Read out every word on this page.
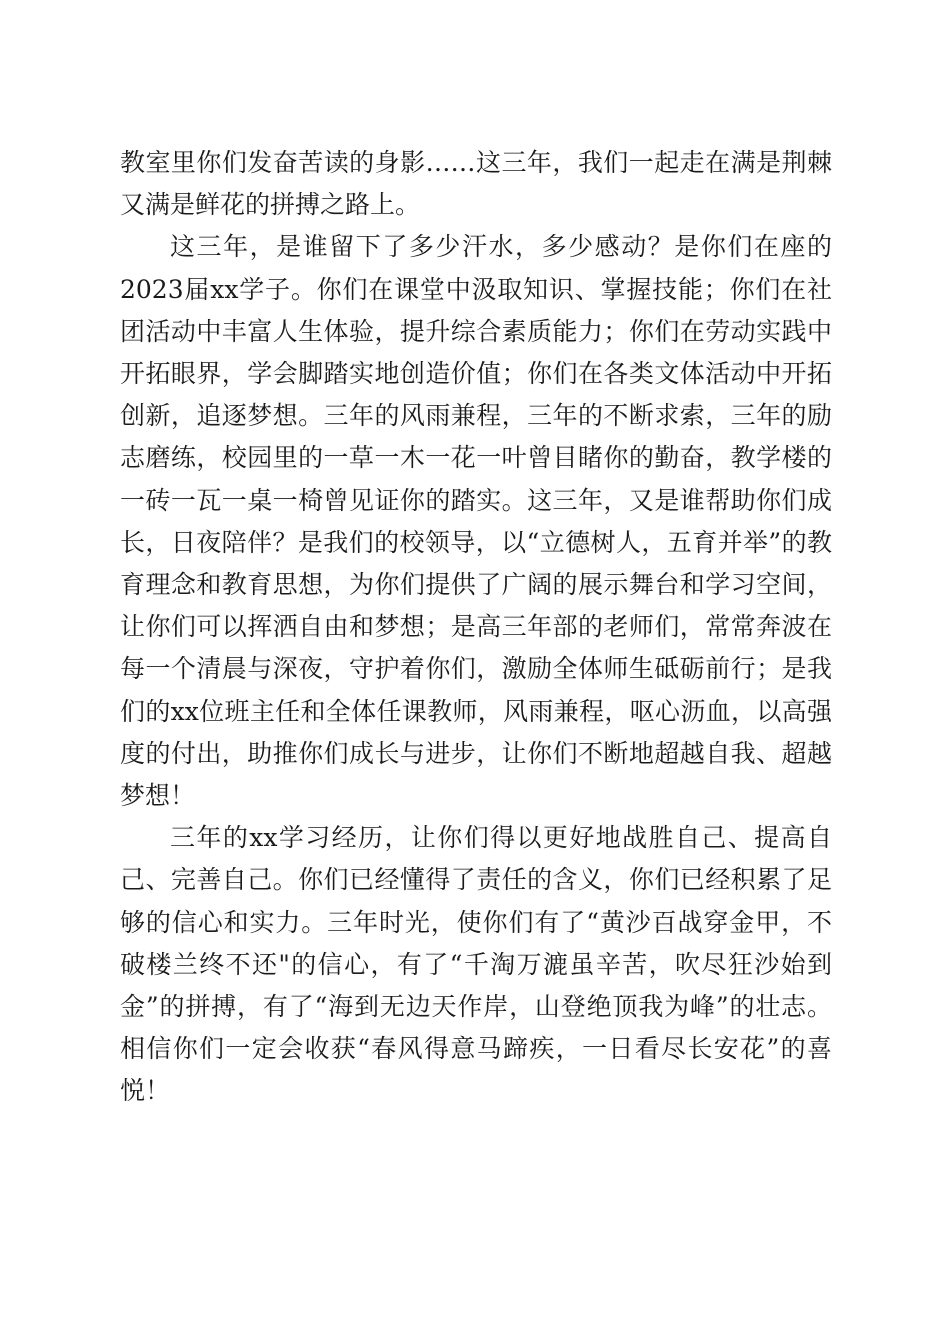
教室里你们发奋苦读的身影……这三年，我们一起走在满是荆棘又满是鲜花的拼搏之路上。

这三年，是谁留下了多少汗水，多少感动？是你们在座的2023届xx学子。你们在课堂中汲取知识、掌握技能；你们在社团活动中丰富人生体验，提升综合素质能力；你们在劳动实践中开拓眼界，学会脚踏实地创造价值；你们在各类文体活动中开拓创新，追逐梦想。三年的风雨兼程，三年的不断求索，三年的励志磨练，校园里的一草一木一花一叶曾目睹你的勤奋，教学楼的一砖一瓦一桌一椅曾见证你的踏实。这三年，又是谁帮助你们成长，日夜陪伴？是我们的校领导，以“立德树人，五育并举”的教育理念和教育思想，为你们提供了广阔的展示舞台和学习空间，让你们可以挥洒自由和梦想；是高三年部的老师们，常常奔波在每一个清晨与深夜，守护着你们，激励全体师生砥砺前行；是我们的xx位班主任和全体任课教师，风雨兼程，呕心沥血，以高强度的付出，助推你们成长与进步，让你们不断地超越自我、超越梦想！

三年的xx学习经历，让你们得以更好地战胜自己、提高自己、完善自己。你们已经懂得了责任的含义，你们已经积累了足够的信心和实力。三年时光，使你们有了“黄沙百战穿金甲，不破楼兰终不还"的信心，有了“千淘万漉虽辛苦，吹尽狂沙始到金”的拼搏，有了“海到无边天作岸，山登绝顶我为峰”的壮志。相信你们一定会收获“春风得意马蹄疾，一日看尽长安花”的喜悦！
